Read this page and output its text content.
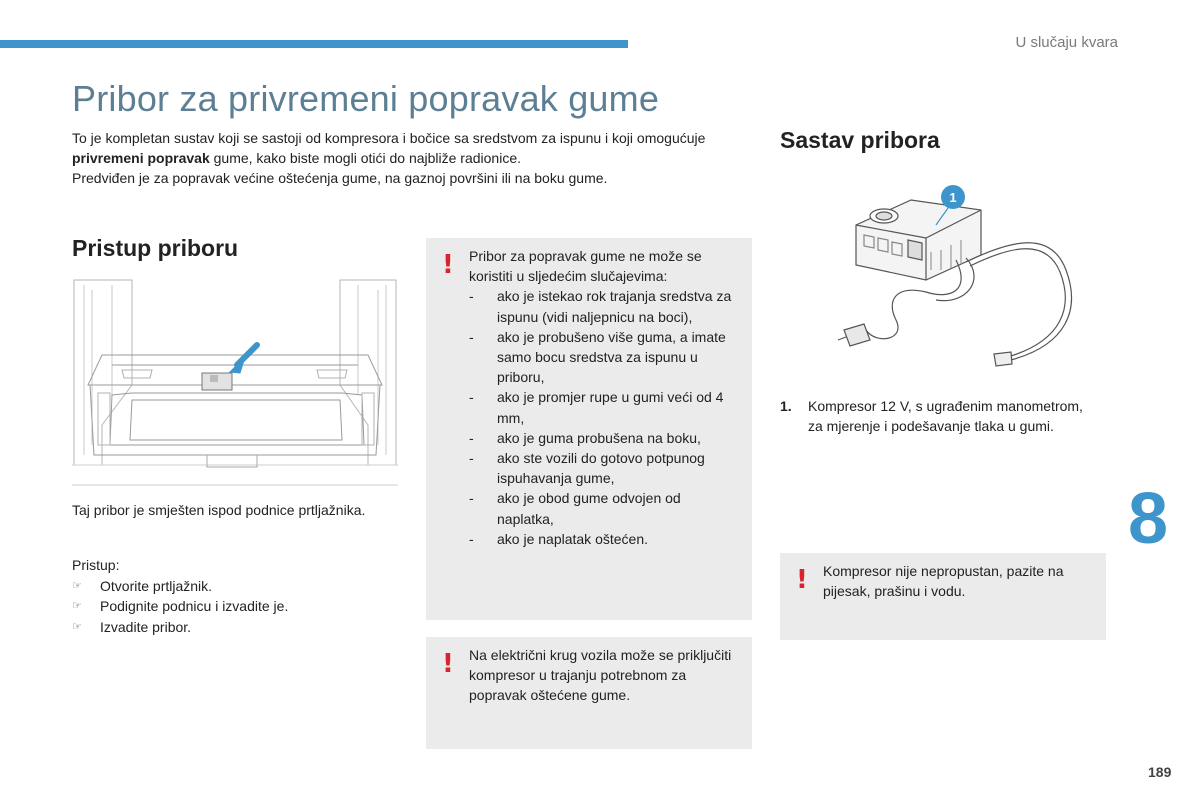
U slučaju kvara
Pribor za privremeni popravak gume
To je kompletan sustav koji se sastoji od kompresora i bočice sa sredstvom za ispunu i koji omogućuje privremeni popravak gume, kako biste mogli otići do najbliže radionice.
Predviđen je za popravak većine oštećenja gume, na gaznoj površini ili na boku gume.
Pristup priboru
Taj pribor je smješten ispod podnice prtljažnika.
Pristup:
☞	Otvorite prtljažnik.
☞	Podignite podnicu i izvadite je.
☞	Izvadite pribor.
! Pribor za popravak gume ne može se koristiti u sljedećim slučajevima:
-	ako je istekao rok trajanja sredstva za ispunu (vidi naljepnicu na boci),
-	ako je probušeno više guma, a imate samo bocu sredstva za ispunu u priboru,
-	ako je promjer rupe u gumi veći od 4 mm,
-	ako je guma probušena na boku,
-	ako ste vozili do gotovo potpunog ispuhavanja gume,
-	ako je obod gume odvojen od naplatka,
-	ako je naplatak oštećen.
! Na električni krug vozila može se priključiti kompresor u trajanju potrebnom za popravak oštećene gume.
Sastav pribora
1
1.	Kompresor 12 V, s ugrađenim manometrom, za mjerenje i podešavanje tlaka u gumi.
! Kompresor nije nepropustan, pazite na pijesak, prašinu i vodu.
8
189
